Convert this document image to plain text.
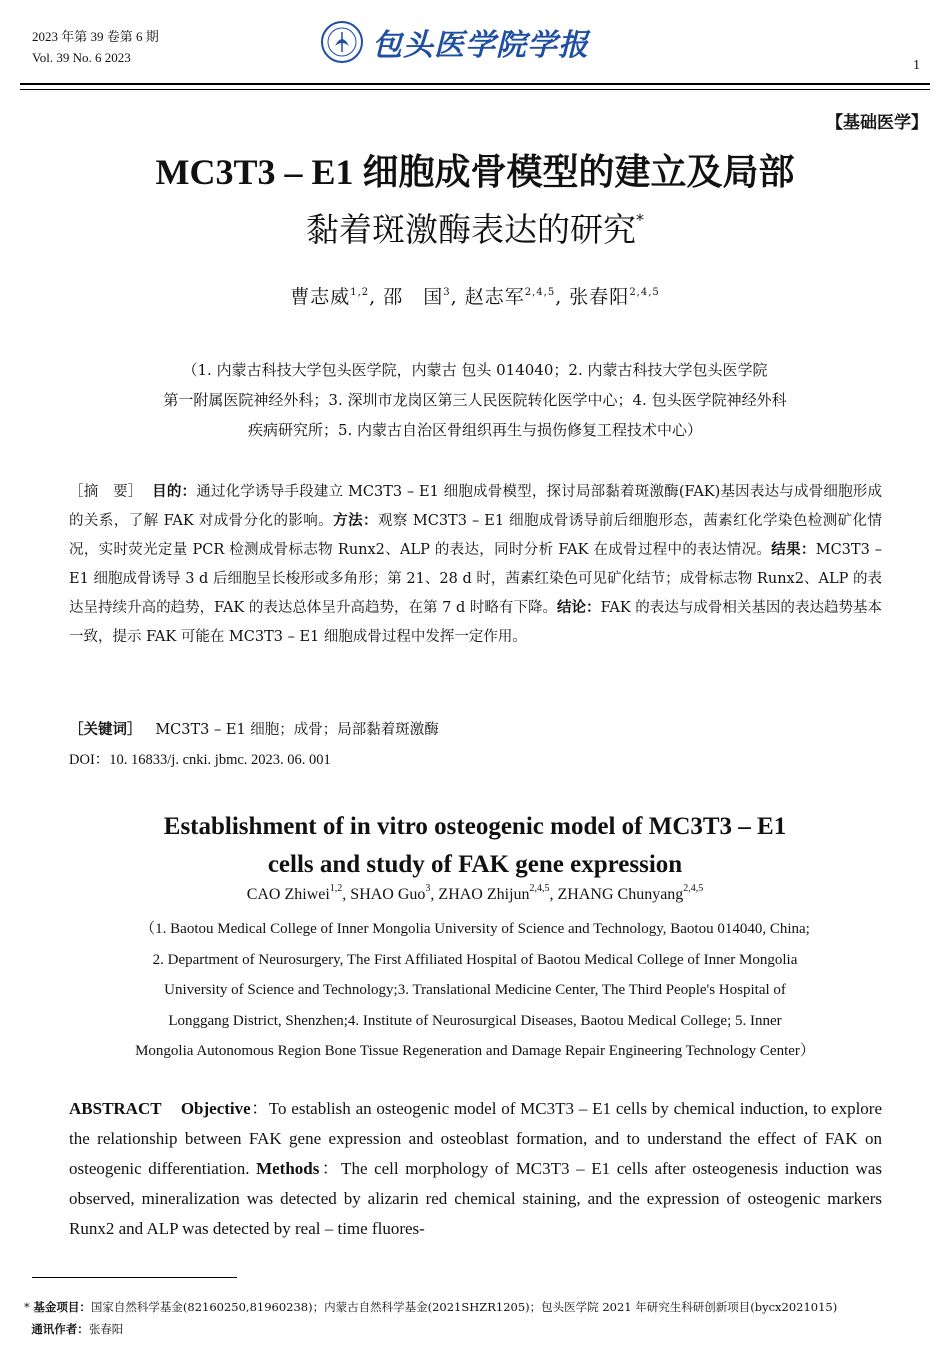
2023 年第 39 卷第 6 期
Vol. 39 No. 6 2023	包头医学院学报
1
【基础医学】
MC3T3 – E1 细胞成骨模型的建立及局部
黏着斑激酶表达的研究*
曹志威$^{1,2}$, 邵　国$^3$, 赵志军$^{2,4,5}$, 张春阳$^{2,4,5}$
（1. 内蒙古科技大学包头医学院，内蒙古 包头 014040；2. 内蒙古科技大学包头医学院
第一附属医院神经外科；3. 深圳市龙岗区第三人民医院转化医学中心；4. 包头医学院神经外科
疾病研究所；5. 内蒙古自治区骨组织再生与损伤修复工程技术中心）
［摘　要］ 目的：通过化学诱导手段建立 MC3T3 – E1 细胞成骨模型，探讨局部黏着斑激酶(FAK)基因表达与成骨细胞形成的关系，了解 FAK 对成骨分化的影响。方法：观察 MC3T3 – E1 细胞成骨诱导前后细胞形态，茜素红化学染色检测矿化情况，实时荧光定量 PCR 检测成骨标志物 Runx2、ALP 的表达，同时分析 FAK 在成骨过程中的表达情况。结果：MC3T3 – E1 细胞成骨诱导 3 d 后细胞呈长梭形或多角形；第 21、28 d 时，茜素红染色可见矿化结节；成骨标志物 Runx2、ALP 的表达呈持续升高的趋势，FAK 的表达总体呈升高趋势，在第 7 d 时略有下降。结论：FAK 的表达与成骨相关基因的表达趋势基本一致，提示 FAK 可能在 MC3T3 – E1 细胞成骨过程中发挥一定作用。
［关键词］ MC3T3 – E1 细胞；成骨；局部黏着斑激酶
DOI：10. 16833/j. cnki. jbmc. 2023. 06. 001
Establishment of in vitro osteogenic model of MC3T3 – E1
cells and study of FAK gene expression
CAO Zhiwei$^{1,2}$, SHAO Guo$^3$, ZHAO Zhijun$^{2,4,5}$, ZHANG Chunyang$^{2,4,5}$
（1. Baotou Medical College of Inner Mongolia University of Science and Technology, Baotou 014040, China;
2. Department of Neurosurgery, The First Affiliated Hospital of Baotou Medical College of Inner Mongolia
University of Science and Technology;3. Translational Medicine Center, The Third People's Hospital of
Longgang District, Shenzhen;4. Institute of Neurosurgical Diseases, Baotou Medical College; 5. Inner
Mongolia Autonomous Region Bone Tissue Regeneration and Damage Repair Engineering Technology Center）
ABSTRACT Objective：To establish an osteogenic model of MC3T3 – E1 cells by chemical induction, to explore the relationship between FAK gene expression and osteoblast formation, and to understand the effect of FAK on osteogenic differentiation. Methods：The cell morphology of MC3T3 – E1 cells after osteogenesis induction was observed, mineralization was detected by alizarin red chemical staining, and the expression of osteogenic markers Runx2 and ALP was detected by real – time fluores-
* 基金项目：国家自然科学基金(82160250,81960238)；内蒙古自然科学基金(2021SHZR1205)；包头医学院 2021 年研究生科研创新项目(bycx2021015)
通讯作者：张春阳
